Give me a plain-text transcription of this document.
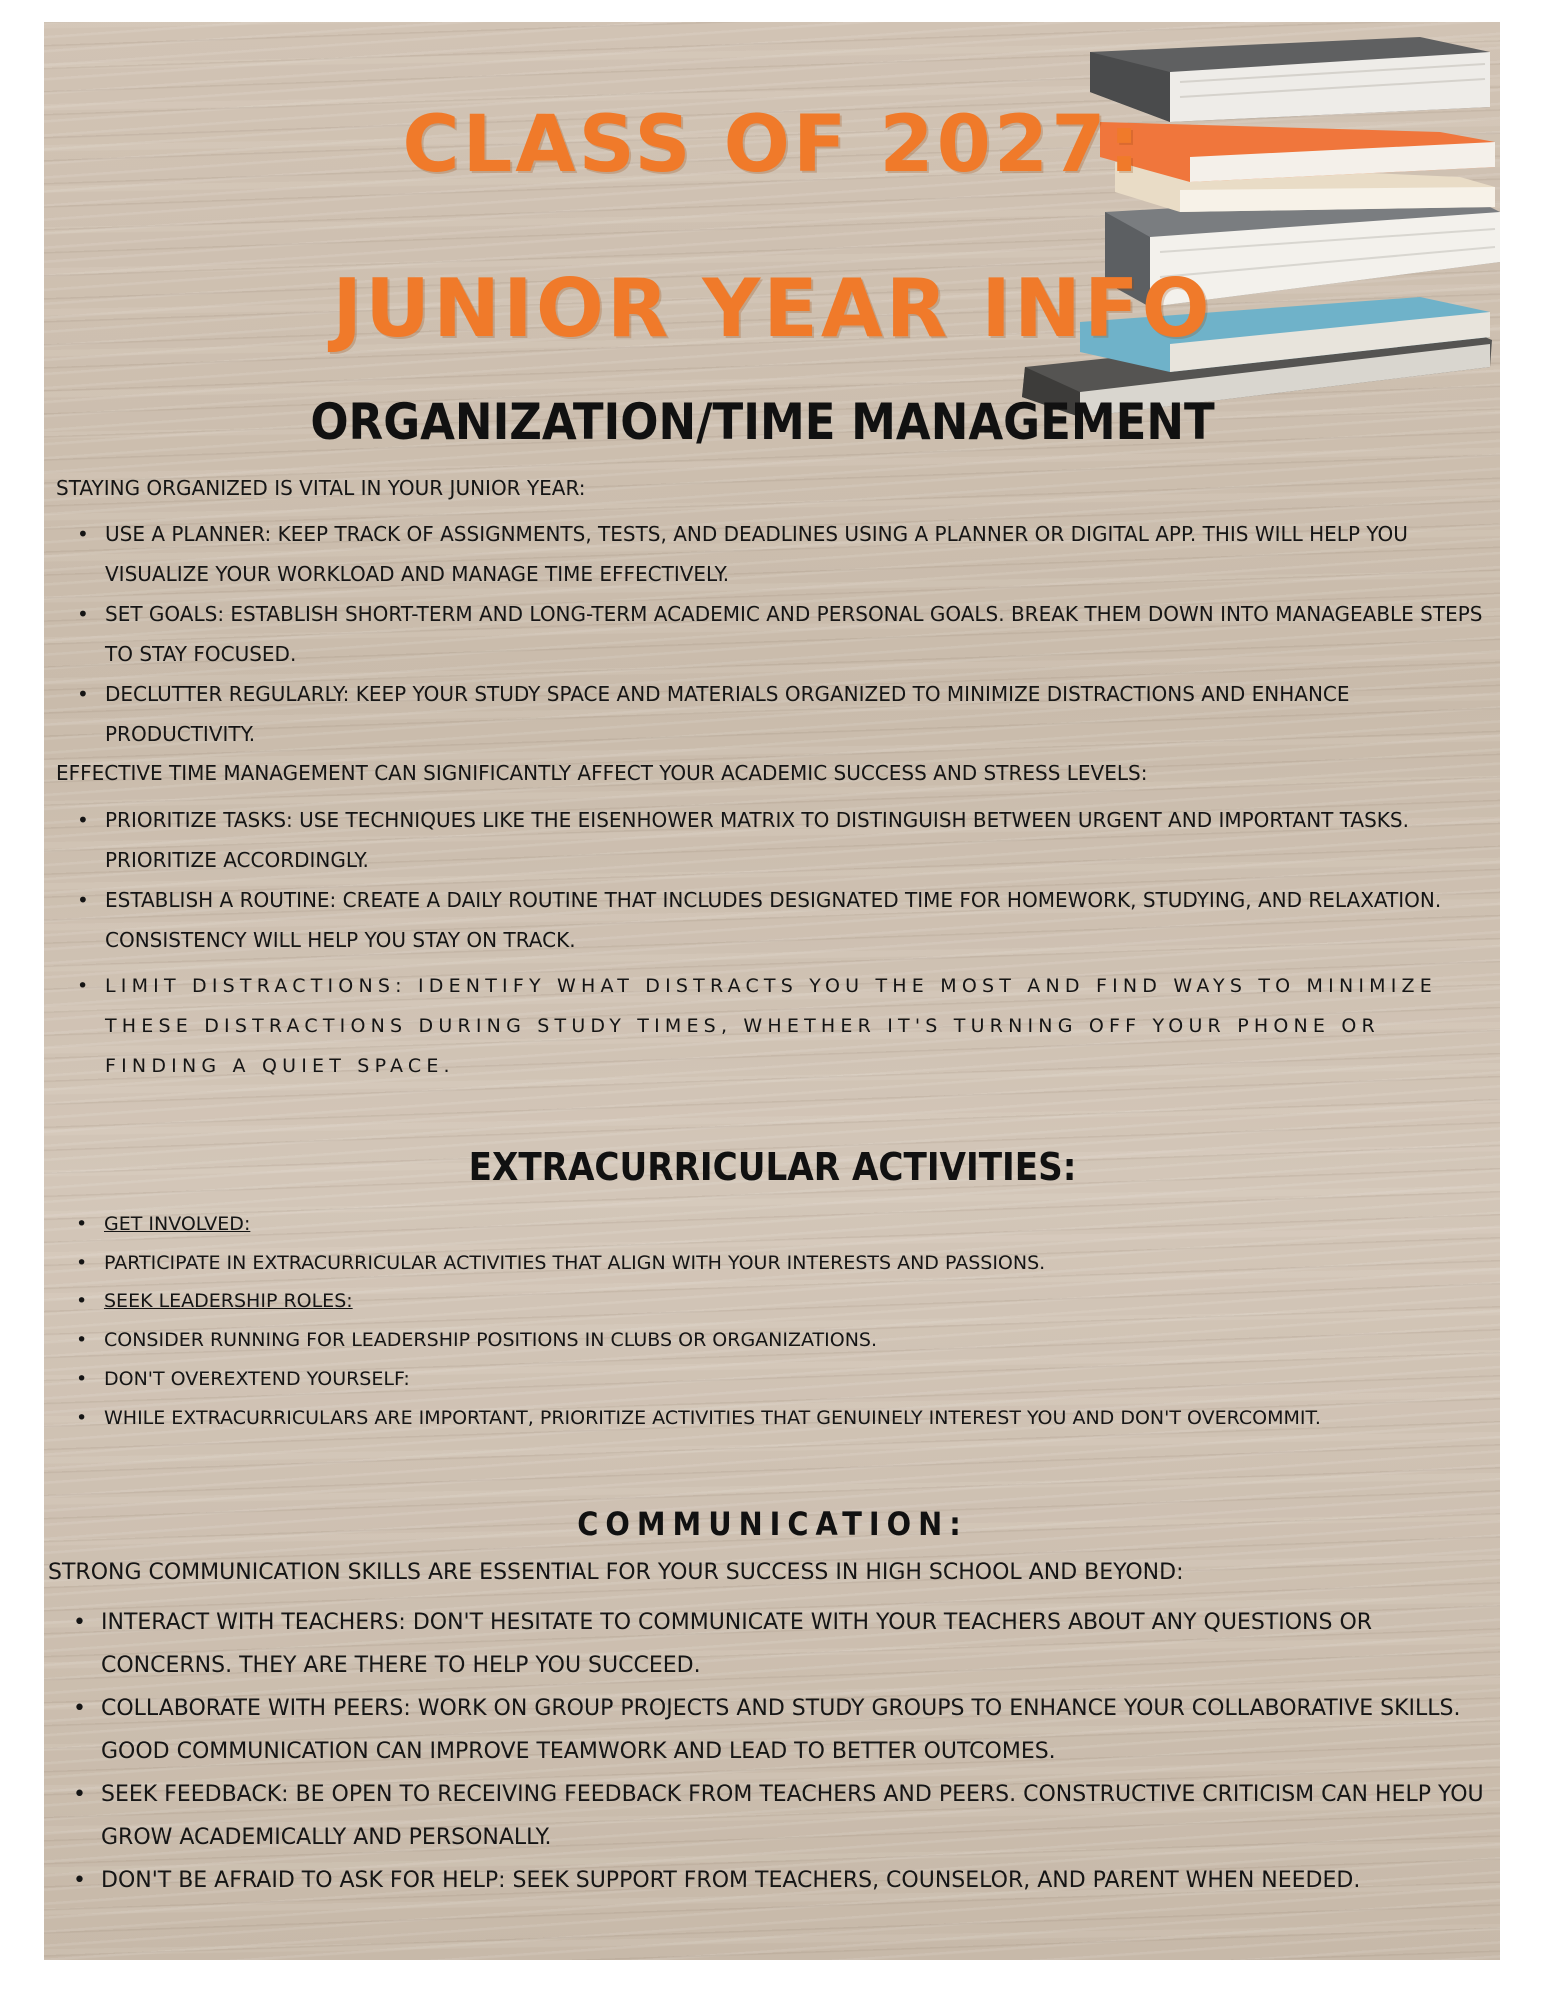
CLASS OF 2027:
JUNIOR YEAR INFO
ORGANIZATION/TIME MANAGEMENT

STAYING ORGANIZED IS VITAL IN YOUR JUNIOR YEAR:

• USE A PLANNER: KEEP TRACK OF ASSIGNMENTS, TESTS, AND DEADLINES USING A PLANNER OR DIGITAL APP. THIS WILL HELP YOU VISUALIZE YOUR WORKLOAD AND MANAGE TIME EFFECTIVELY.
• SET GOALS: ESTABLISH SHORT-TERM AND LONG-TERM ACADEMIC AND PERSONAL GOALS. BREAK THEM DOWN INTO MANAGEABLE STEPS TO STAY FOCUSED.
• DECLUTTER REGULARLY: KEEP YOUR STUDY SPACE AND MATERIALS ORGANIZED TO MINIMIZE DISTRACTIONS AND ENHANCE PRODUCTIVITY.

EFFECTIVE TIME MANAGEMENT CAN SIGNIFICANTLY AFFECT YOUR ACADEMIC SUCCESS AND STRESS LEVELS:

• PRIORITIZE TASKS: USE TECHNIQUES LIKE THE EISENHOWER MATRIX TO DISTINGUISH BETWEEN URGENT AND IMPORTANT TASKS. PRIORITIZE ACCORDINGLY.
• ESTABLISH A ROUTINE: CREATE A DAILY ROUTINE THAT INCLUDES DESIGNATED TIME FOR HOMEWORK, STUDYING, AND RELAXATION. CONSISTENCY WILL HELP YOU STAY ON TRACK.
• LIMIT DISTRACTIONS: IDENTIFY WHAT DISTRACTS YOU THE MOST AND FIND WAYS TO MINIMIZE THESE DISTRACTIONS DURING STUDY TIMES, WHETHER IT'S TURNING OFF YOUR PHONE OR FINDING A QUIET SPACE.
EXTRACURRICULAR ACTIVITIES:
• GET INVOLVED:
• PARTICIPATE IN EXTRACURRICULAR ACTIVITIES THAT ALIGN WITH YOUR INTERESTS AND PASSIONS.
• SEEK LEADERSHIP ROLES:
• CONSIDER RUNNING FOR LEADERSHIP POSITIONS IN CLUBS OR ORGANIZATIONS.
• DON'T OVEREXTEND YOURSELF:
• WHILE EXTRACURRICULARS ARE IMPORTANT, PRIORITIZE ACTIVITIES THAT GENUINELY INTEREST YOU AND DON'T OVERCOMMIT.
COMMUNICATION:

STRONG COMMUNICATION SKILLS ARE ESSENTIAL FOR YOUR SUCCESS IN HIGH SCHOOL AND BEYOND:

• INTERACT WITH TEACHERS: DON'T HESITATE TO COMMUNICATE WITH YOUR TEACHERS ABOUT ANY QUESTIONS OR CONCERNS. THEY ARE THERE TO HELP YOU SUCCEED.
• COLLABORATE WITH PEERS: WORK ON GROUP PROJECTS AND STUDY GROUPS TO ENHANCE YOUR COLLABORATIVE SKILLS. GOOD COMMUNICATION CAN IMPROVE TEAMWORK AND LEAD TO BETTER OUTCOMES.
• SEEK FEEDBACK: BE OPEN TO RECEIVING FEEDBACK FROM TEACHERS AND PEERS. CONSTRUCTIVE CRITICISM CAN HELP YOU GROW ACADEMICALLY AND PERSONALLY.
• DON'T BE AFRAID TO ASK FOR HELP: SEEK SUPPORT FROM TEACHERS, COUNSELOR, AND PARENT WHEN NEEDED.
